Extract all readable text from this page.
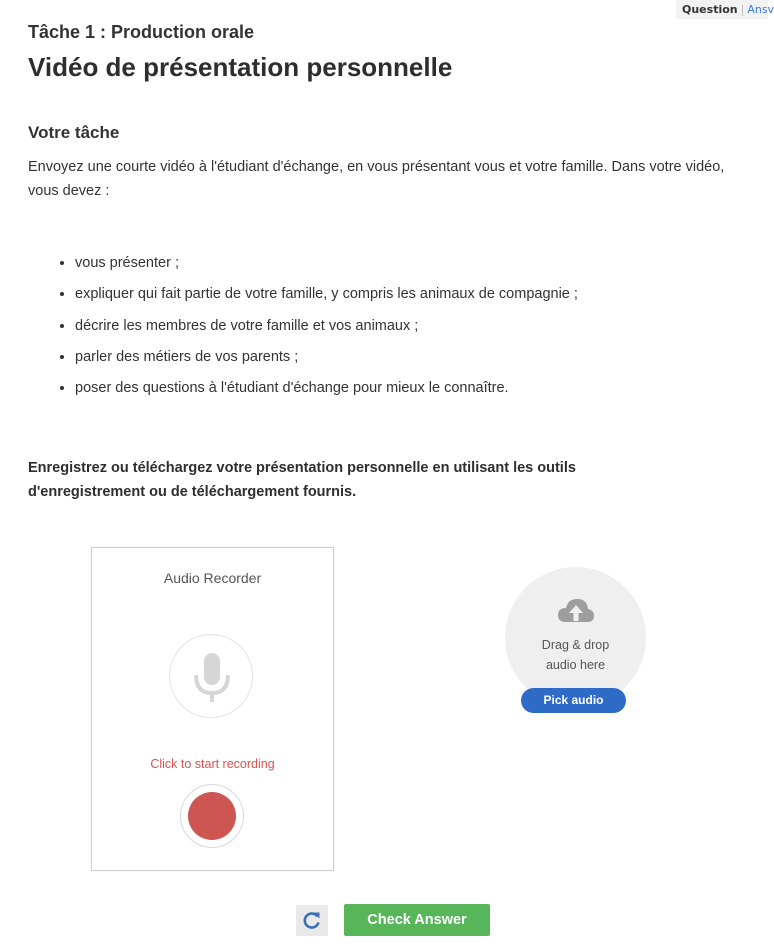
Question | Ansv
Tâche 1 : Production orale
Vidéo de présentation personnelle
Votre tâche

Envoyez une courte vidéo à l'étudiant d'échange, en vous présentant vous et votre famille. Dans votre vidéo, vous devez :

• vous présenter ;
• expliquer qui fait partie de votre famille, y compris les animaux de compagnie ;
• décrire les membres de votre famille et vos animaux ;
• parler des métiers de vos parents ;
• poser des questions à l'étudiant d'échange pour mieux le connaître.

Enregistrez ou téléchargez votre présentation personnelle en utilisant les outils d'enregistrement ou de téléchargement fournis.

Audio Recorder
Click to start recording
Drag & drop
audio here
Pick audio
Check Answer
